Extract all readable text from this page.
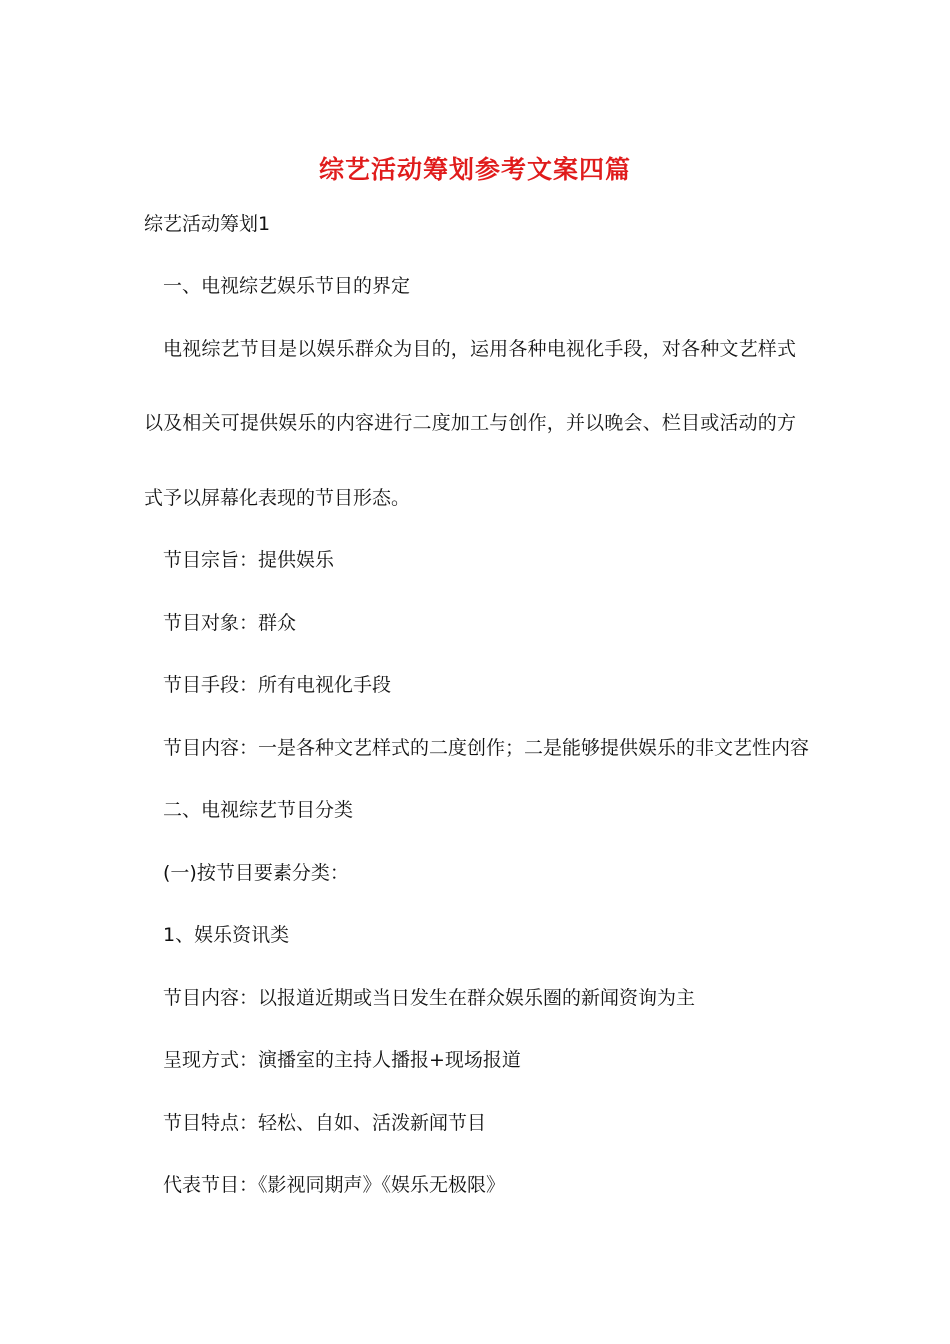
综艺活动筹划参考文案四篇
综艺活动筹划1
一、电视综艺娱乐节目的界定
电视综艺节目是以娱乐群众为目的，运用各种电视化手段，对各种文艺样式
以及相关可提供娱乐的内容进行二度加工与创作，并以晚会、栏目或活动的方
式予以屏幕化表现的节目形态。
节目宗旨：提供娱乐
节目对象：群众
节目手段：所有电视化手段
节目内容：一是各种文艺样式的二度创作；二是能够提供娱乐的非文艺性内容
二、电视综艺节目分类
(一)按节目要素分类：
1、娱乐资讯类
节目内容：以报道近期或当日发生在群众娱乐圈的新闻资询为主
呈现方式：演播室的主持人播报+现场报道
节目特点：轻松、自如、活泼新闻节目
代表节目：《影视同期声》《娱乐无极限》
